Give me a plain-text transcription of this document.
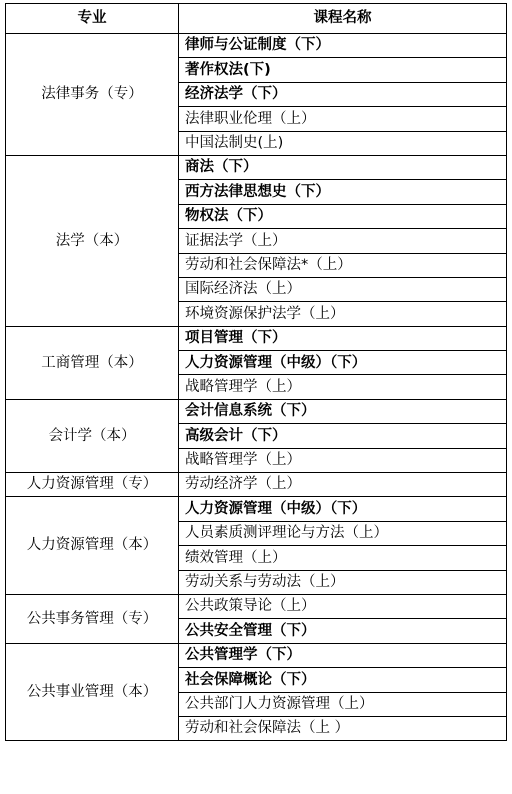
专业	课程名称
法律事务（专）	律师与公证制度（下）
	著作权法(下)
	经济法学（下）
	法律职业伦理（上）
	中国法制史(上)
法学（本）	商法（下）
	西方法律思想史（下）
	物权法（下）
	证据法学（上）
	劳动和社会保障法*（上）
	国际经济法（上）
	环境资源保护法学（上）
工商管理（本）	项目管理（下）
	人力资源管理（中级）（下）
	战略管理学（上）
会计学（本）	会计信息系统（下）
	高级会计（下）
	战略管理学（上）
人力资源管理（专）	劳动经济学（上）
人力资源管理（本）	人力资源管理（中级）（下）
	人员素质测评理论与方法（上）
	绩效管理（上）
	劳动关系与劳动法（上）
公共事务管理（专）	公共政策导论（上）
	公共安全管理（下）
公共事业管理（本）	公共管理学（下）
	社会保障概论（下）
	公共部门人力资源管理（上）
	劳动和社会保障法（上 ）
